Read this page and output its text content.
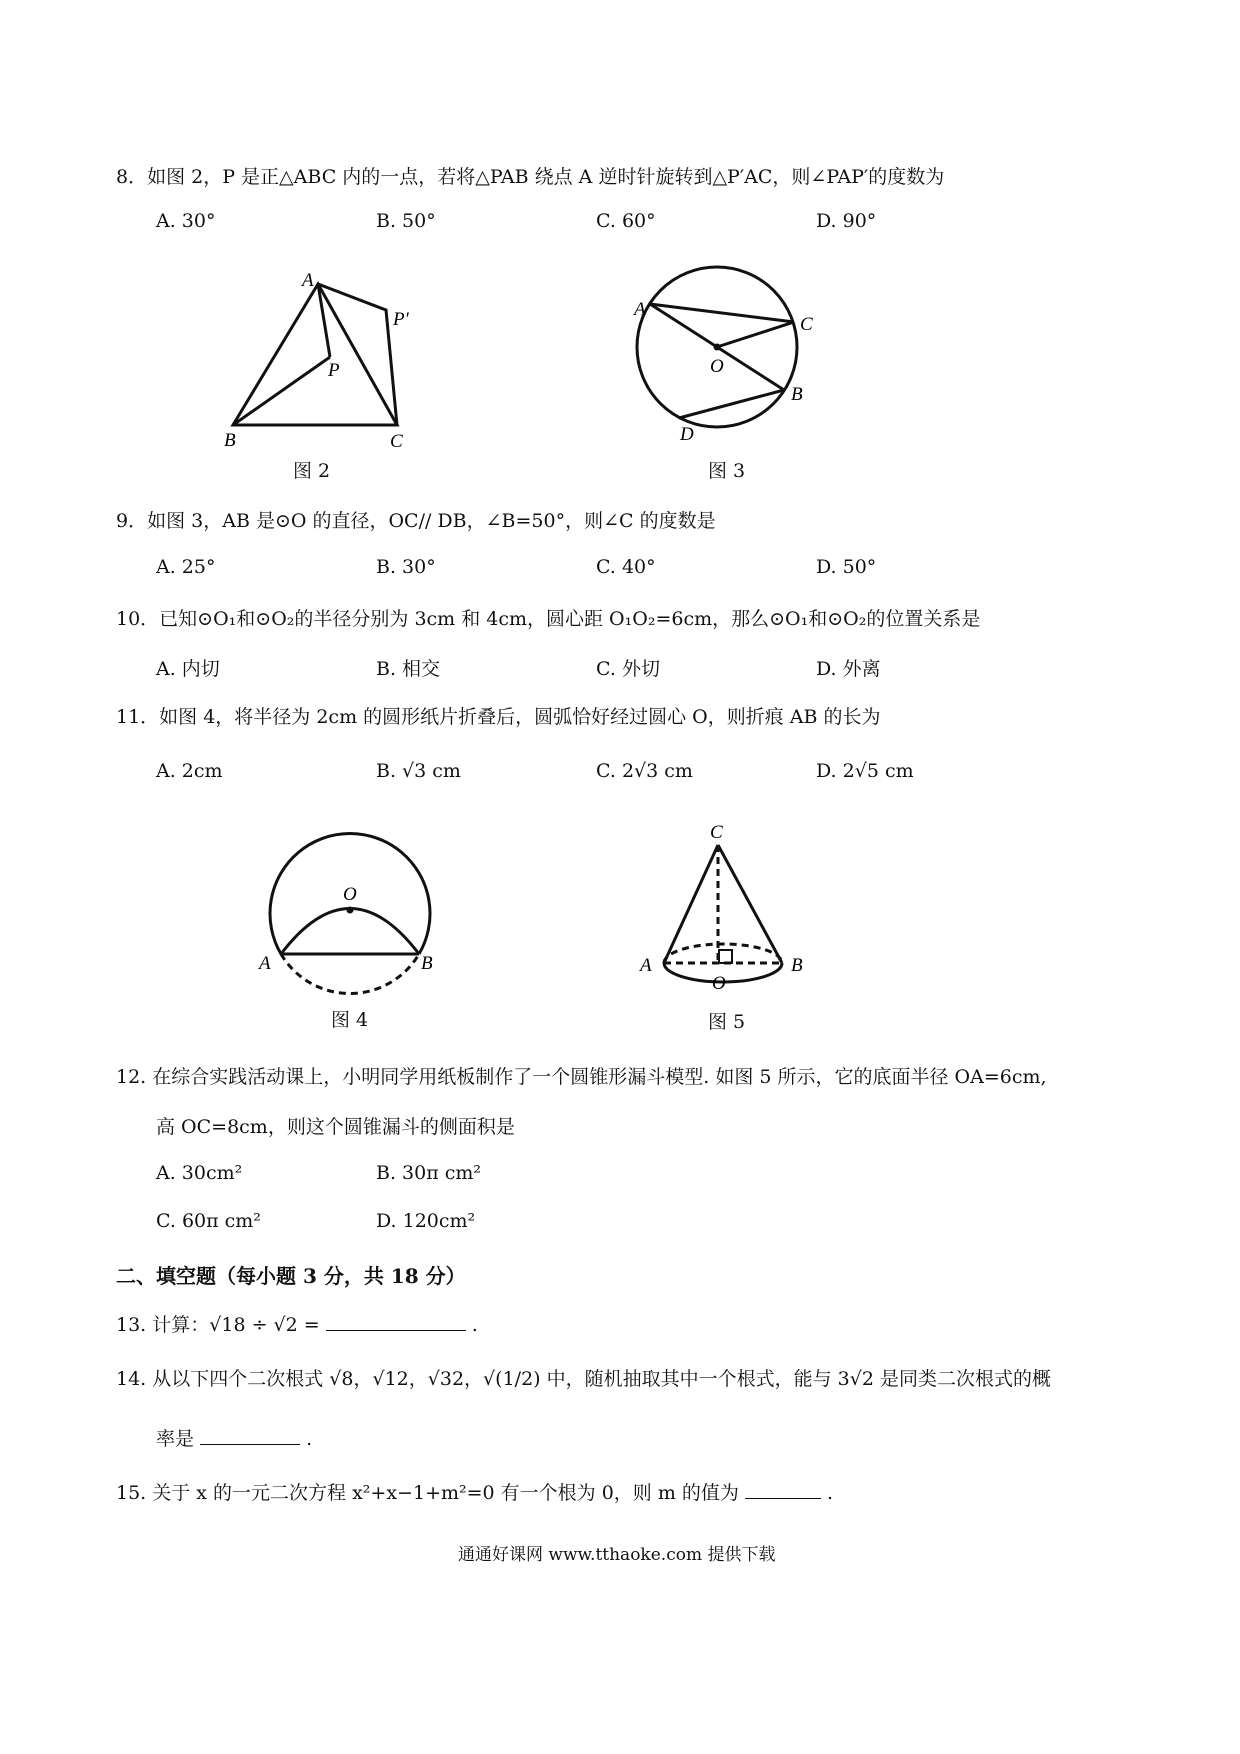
8．如图 2，P 是正△ABC 内的一点，若将△PAB 绕点 A 逆时针旋转到△P′AC，则∠PAP′的度数为
A. 30°	B. 50°	C. 60°	D. 90°
A
P′
P
B	C
A
C
O
B
D
O
A	B
C
A
O
B
图 2	图 3
9．如图 3，AB 是⊙O 的直径，OC// DB，∠B=50°，则∠C 的度数是
A. 25°	B. 30°	C. 40°	D. 50°
10．已知⊙O₁和⊙O₂的半径分别为 3cm 和 4cm，圆心距 O₁O₂=6cm，那么⊙O₁和⊙O₂的位置关系是
A. 内切	B. 相交	C. 外切	D. 外离
11．如图 4，将半径为 2cm 的圆形纸片折叠后，圆弧恰好经过圆心 O，则折痕 AB 的长为
A. 2cm	B. √3 cm	C. 2√3 cm	D. 2√5 cm
图 4	图 5
12. 在综合实践活动课上，小明同学用纸板制作了一个圆锥形漏斗模型. 如图 5 所示，它的底面半径 OA=6cm,
高 OC=8cm，则这个圆锥漏斗的侧面积是
A. 30cm²	B. 30π cm²
C. 60π cm²	D. 120cm²
二、填空题（每小题 3 分，共 18 分）
13. 计算：√18 ÷ √2 =	.
14. 从以下四个二次根式 √8，√12，√32，√(1/2) 中，随机抽取其中一个根式，能与 3√2 是同类二次根式的概
率是	.
15. 关于 x 的一元二次方程 x²+x−1+m²=0 有一个根为 0，则 m 的值为	.
通通好课网 www.tthaoke.com 提供下载
